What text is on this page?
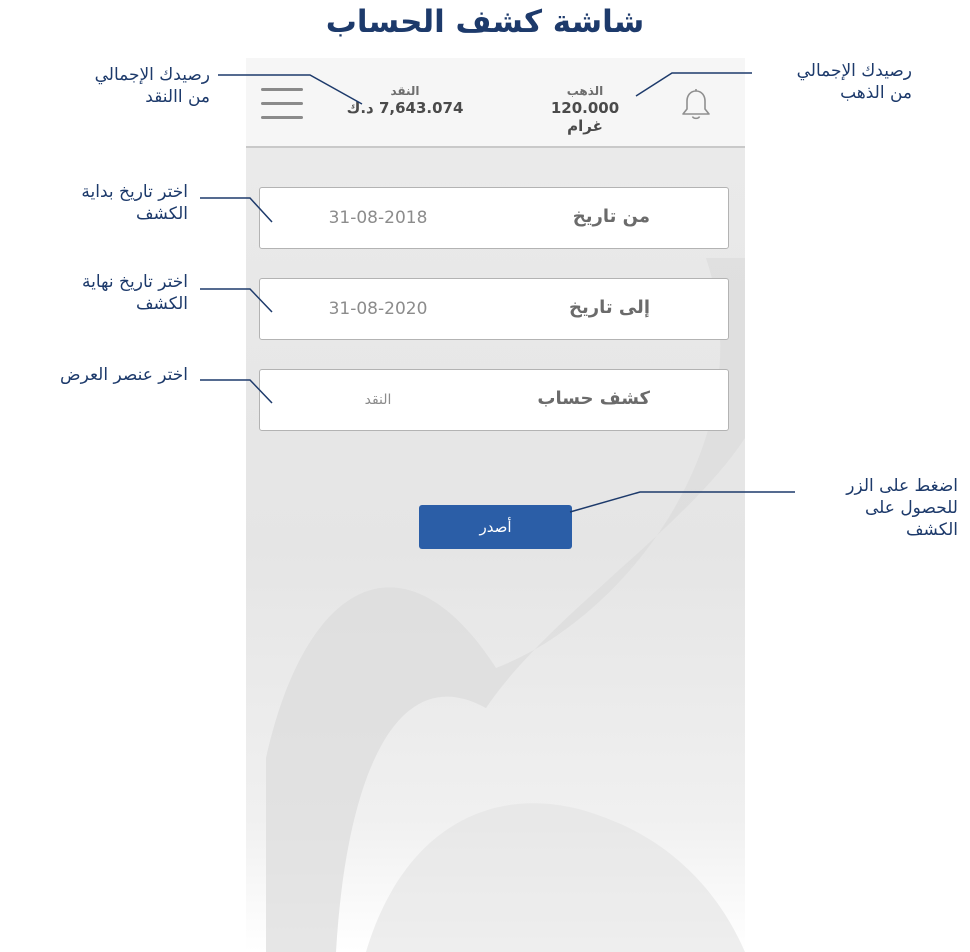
شاشة كشف الحساب
النقد
7,643.074 د.ك
الذهب
120.000 غرام
من تاريخ
31-08-2018
إلى تاريخ
31-08-2020
كشف حساب
النقد
أصدر
رصيدك الإجمالي
من االنقد
رصيدك الإجمالي
من الذهب
اختر تاريخ بداية
الكشف
اختر تاريخ نهاية
الكشف
اختر عنصر العرض
اضغط على الزر
للحصول على
الكشف
